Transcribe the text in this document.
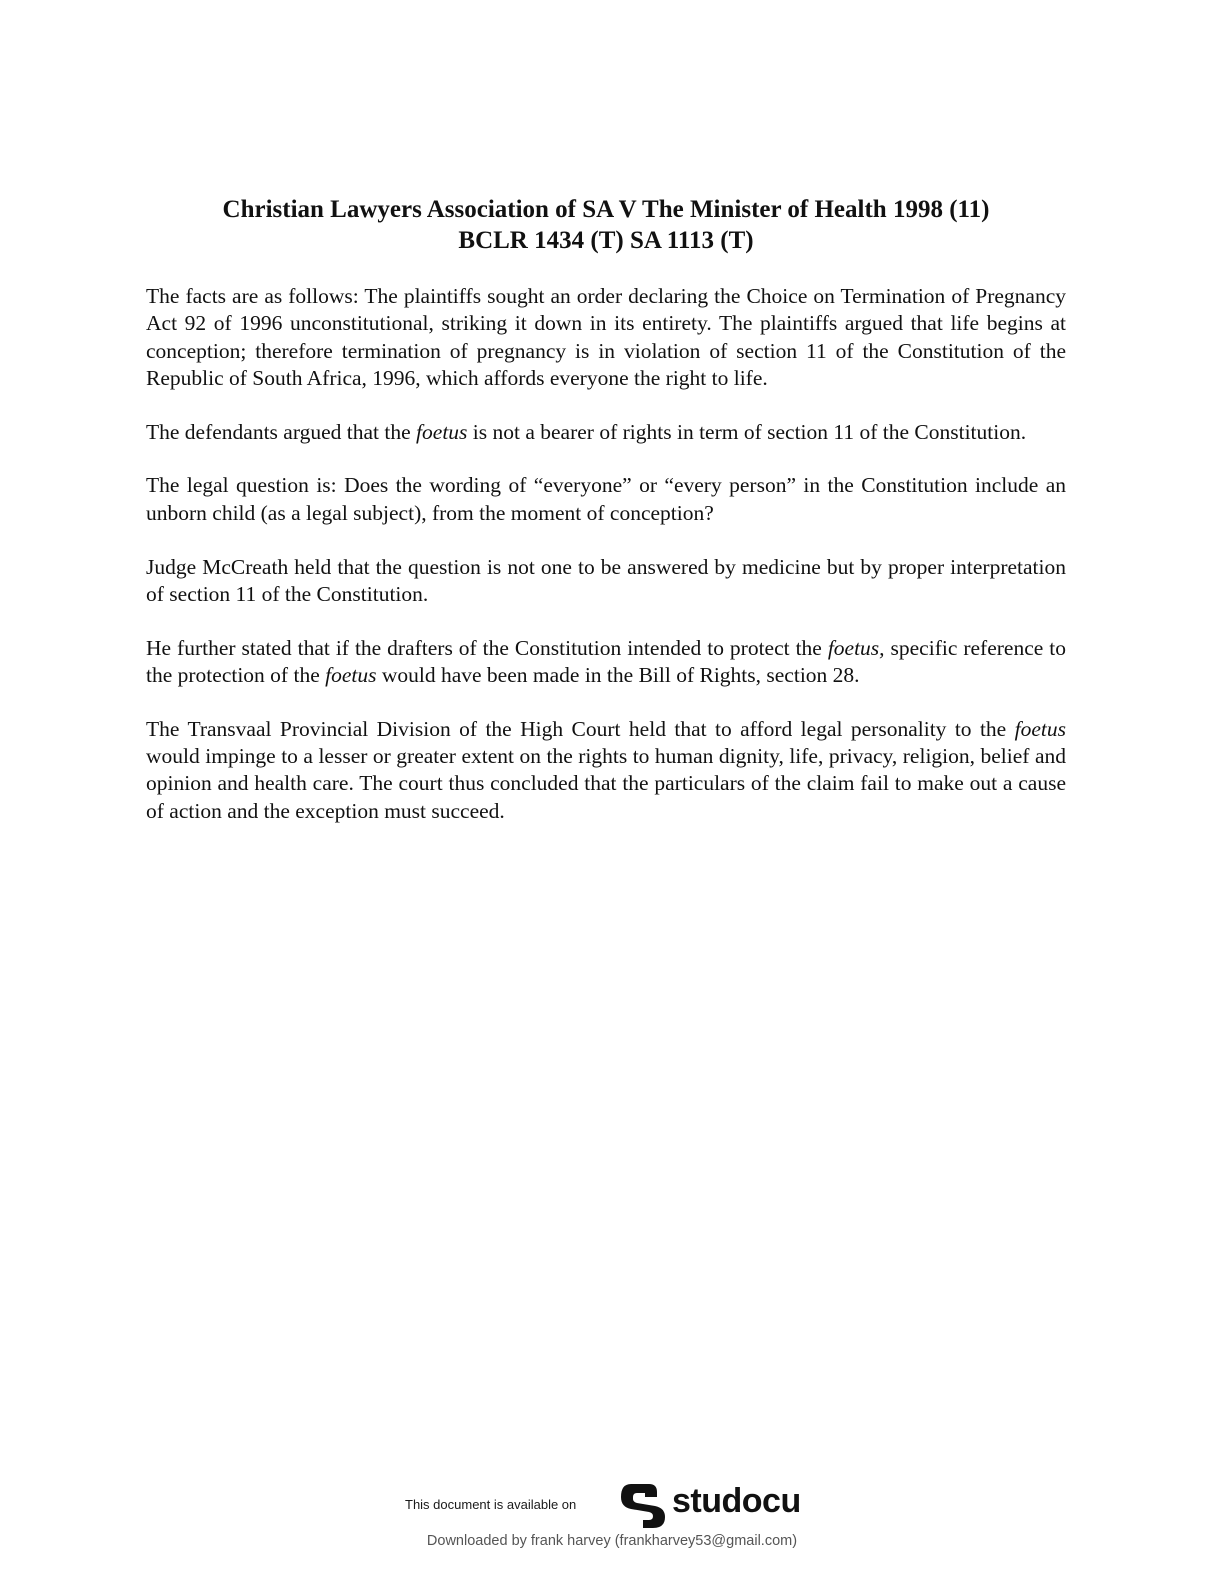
Christian Lawyers Association of SA V The Minister of Health 1998 (11)
BCLR 1434 (T) SA 1113 (T)

The facts are as follows: The plaintiffs sought an order declaring the Choice on Termination of Pregnancy Act 92 of 1996 unconstitutional, striking it down in its entirety. The plaintiffs argued that life begins at conception; therefore termination of pregnancy is in violation of section 11 of the Constitution of the Republic of South Africa, 1996, which affords everyone the right to life.

The defendants argued that the foetus is not a bearer of rights in term of section 11 of the Constitution.

The legal question is: Does the wording of “everyone” or “every person” in the Constitution include an unborn child (as a legal subject), from the moment of conception?

Judge McCreath held that the question is not one to be answered by medicine but by proper interpretation of section 11 of the Constitution.

He further stated that if the drafters of the Constitution intended to protect the foetus, specific reference to the protection of the foetus would have been made in the Bill of Rights, section 28.

The Transvaal Provincial Division of the High Court held that to afford legal personality to the foetus would impinge to a lesser or greater extent on the rights to human dignity, life, privacy, religion, belief and opinion and health care. The court thus concluded that the particulars of the claim fail to make out a cause of action and the exception must succeed.

This document is available on	studocu
Downloaded by frank harvey (frankharvey53@gmail.com)
